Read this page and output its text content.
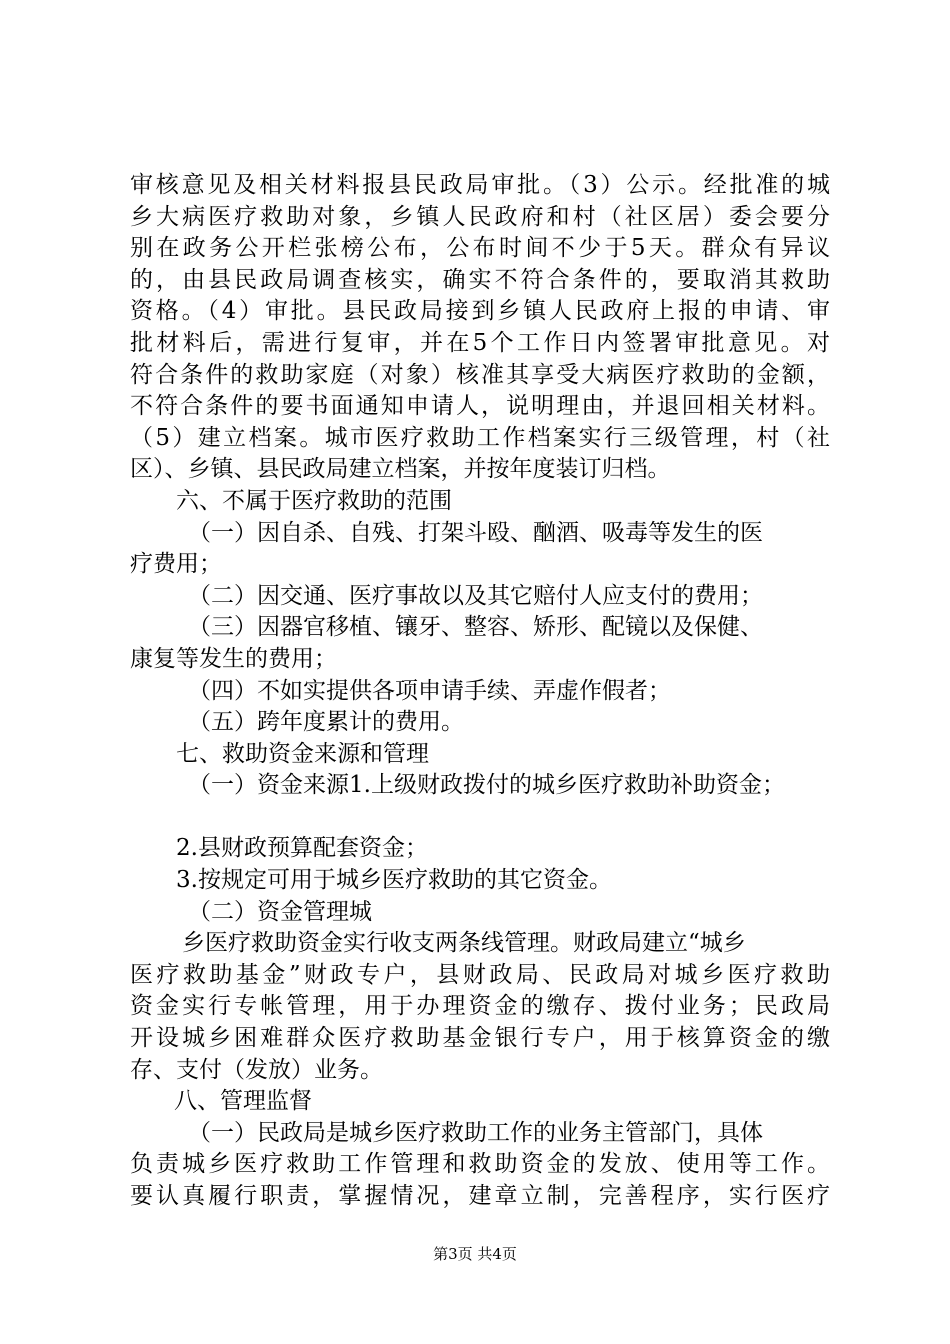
审核意见及相关材料报县民政局审批。（3）公示。经批准的城
乡大病医疗救助对象，乡镇人民政府和村（社区居）委会要分
别在政务公开栏张榜公布，公布时间不少于5天。群众有异议
的，由县民政局调查核实，确实不符合条件的，要取消其救助
资格。（4）审批。县民政局接到乡镇人民政府上报的申请、审
批材料后，需进行复审，并在5个工作日内签署审批意见。对
符合条件的救助家庭（对象）核准其享受大病医疗救助的金额，
不符合条件的要书面通知申请人，说明理由，并退回相关材料。
（5）建立档案。城市医疗救助工作档案实行三级管理，村（社
区）、乡镇、县民政局建立档案，并按年度装订归档。
六、不属于医疗救助的范围
（一）因自杀、自残、打架斗殴、酗酒、吸毒等发生的医
疗费用；
（二）因交通、医疗事故以及其它赔付人应支付的费用；
（三）因器官移植、镶牙、整容、矫形、配镜以及保健、
康复等发生的费用；
（四）不如实提供各项申请手续、弄虚作假者；
（五）跨年度累计的费用。
七、救助资金来源和管理
（一）资金来源1.上级财政拨付的城乡医疗救助补助资金；
2.县财政预算配套资金；
3.按规定可用于城乡医疗救助的其它资金。
（二）资金管理城
乡医疗救助资金实行收支两条线管理。财政局建立“城乡
医疗救助基金”财政专户，县财政局、民政局对城乡医疗救助
资金实行专帐管理，用于办理资金的缴存、拨付业务；民政局
开设城乡困难群众医疗救助基金银行专户，用于核算资金的缴
存、支付（发放）业务。
八、管理监督
（一）民政局是城乡医疗救助工作的业务主管部门，具体
负责城乡医疗救助工作管理和救助资金的发放、使用等工作。
要认真履行职责，掌握情况，建章立制，完善程序，实行医疗
第3页 共4页
